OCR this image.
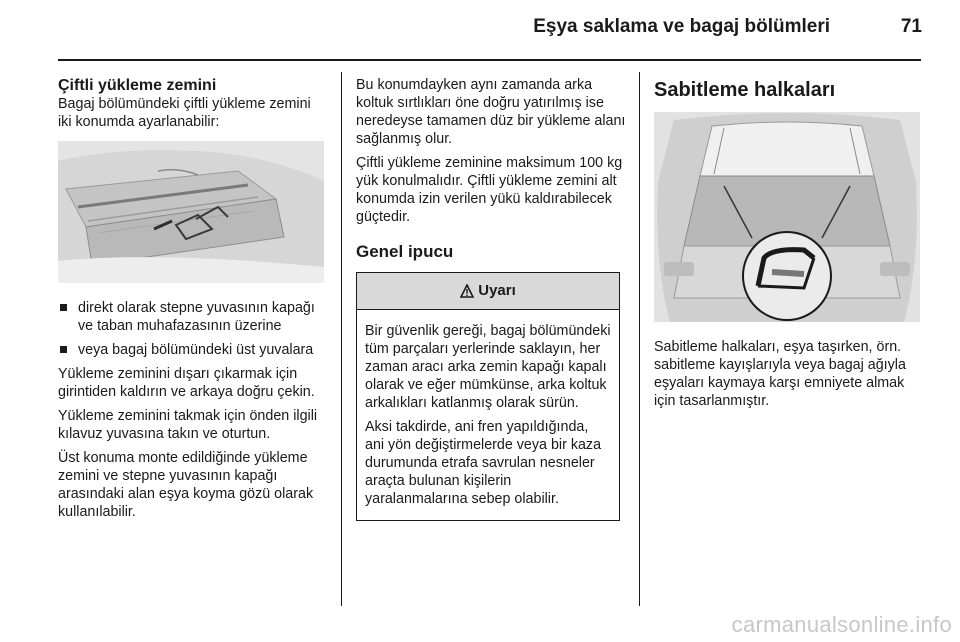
Eşya saklama ve bagaj bölümleri	71
Çiftli yükleme zemini

Bagaj bölümündeki çiftli yükleme zemini iki konumda ayarlanabilir:

direkt olarak stepne yuvasının kapağı ve taban muhafazasının üzerine
veya bagaj bölümündeki üst yuvalara

Yükleme zeminini dışarı çıkarmak için girintiden kaldırın ve arkaya doğru çekin.

Yükleme zeminini takmak için önden ilgili kılavuz yuvasına takın ve oturtun.

Üst konuma monte edildiğinde yükleme zemini ve stepne yuvasının kapağı arasındaki alan eşya koyma gözü olarak kullanılabilir.

Bu konumdayken aynı zamanda arka koltuk sırtlıkları öne doğru yatırılmış ise neredeyse tamamen düz bir yükleme alanı sağlanmış olur.

Çiftli yükleme zeminine maksimum 100 kg yük konulmalıdır. Çiftli yükleme zemini alt konumda izin verilen yükü kaldırabilecek güçtedir.

Genel ipucu
Uyarı

Bir güvenlik gereği, bagaj bölümündeki tüm parçaları yerlerinde saklayın, her zaman aracı arka zemin kapağı kapalı olarak ve eğer mümkünse, arka koltuk arkalıkları katlanmış olarak sürün.

Aksi takdirde, ani fren yapıldığında, ani yön değiştirmelerde veya bir kaza durumunda etrafa savrulan nesneler araçta bulunan kişilerin yaralanmalarına sebep olabilir.

Sabitleme halkaları

Sabitleme halkaları, eşya taşırken, örn. sabitleme kayışlarıyla veya bagaj ağıyla eşyaları kaymaya karşı emniyete almak için tasarlanmıştır.

carmanualsonline.info
